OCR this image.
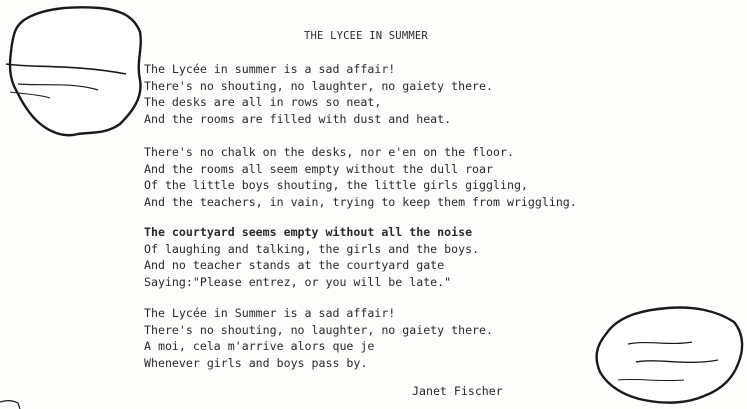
THE LYCEE IN SUMMER

The Lycée in summer is a sad affair!
There's no shouting, no laughter, no gaiety there.
The desks are all in rows so neat,
And the rooms are filled with dust and heat.

There's no chalk on the desks, nor e'en on the floor.
And the rooms all seem empty without the dull roar
Of the little boys shouting, the little girls giggling,
And the teachers, in vain, trying to keep them from wriggling.

The courtyard seems empty without all the noise
Of laughing and talking, the girls and the boys.
And no teacher stands at the courtyard gate
Saying:"Please entrez, or you will be late."

The Lycée in Summer is a sad affair!
There's no shouting, no laughter, no gaiety there.
A moi, cela m'arrive alors que je
Whenever girls and boys pass by.

Janet Fischer
